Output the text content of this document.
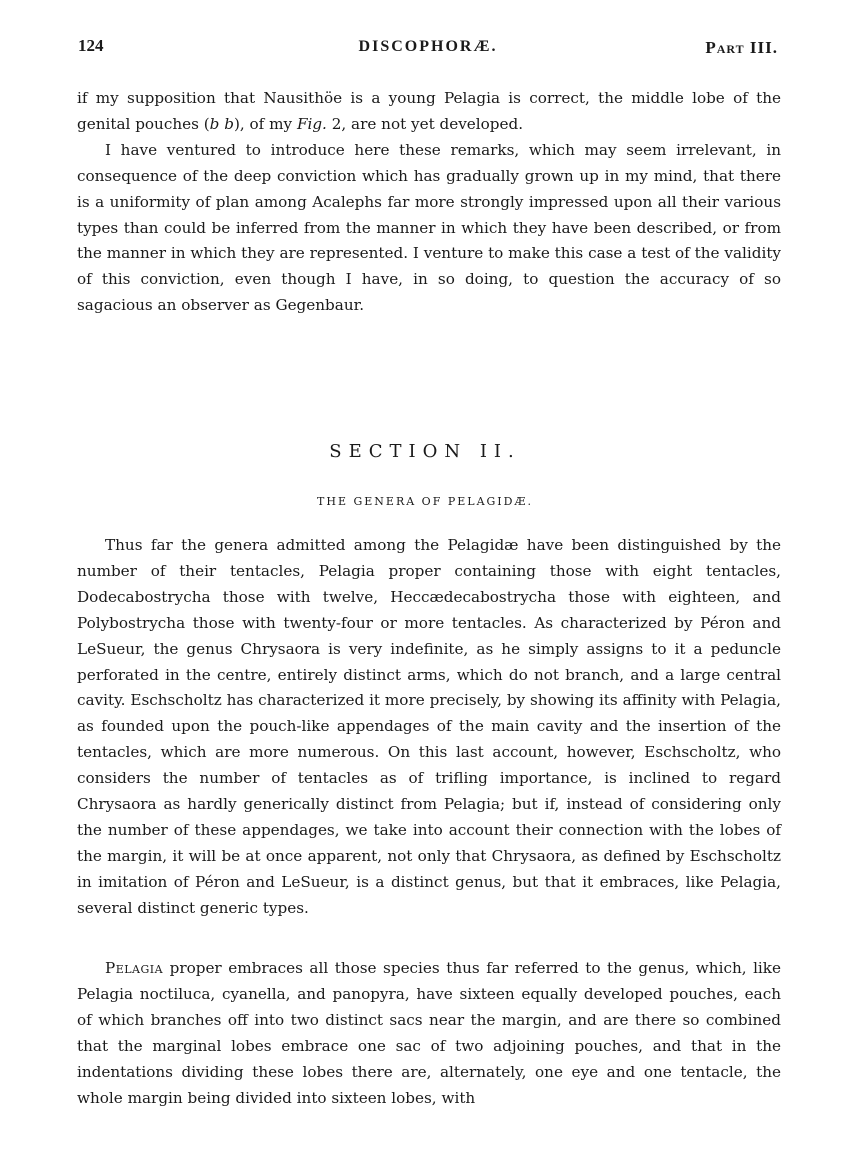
124	DISCOPHORÆ.	Part III.

if my supposition that Nausithöe is a young Pelagia is correct, the middle lobe of the genital pouches (b b), of my Fig. 2, are not yet developed.

I have ventured to introduce here these remarks, which may seem irrelevant, in consequence of the deep conviction which has gradually grown up in my mind, that there is a uniformity of plan among Acalephs far more strongly impressed upon all their various types than could be inferred from the manner in which they have been described, or from the manner in which they are represented. I venture to make this case a test of the validity of this conviction, even though I have, in so doing, to question the accuracy of so sagacious an observer as Gegenbaur.

SECTION II.
THE GENERA OF PELAGIDÆ.

Thus far the genera admitted among the Pelagidæ have been distinguished by the number of their tentacles, Pelagia proper containing those with eight tentacles, Dodecabostrycha those with twelve, Heccædecabostrycha those with eighteen, and Polybostrycha those with twenty-four or more tentacles. As characterized by Péron and LeSueur, the genus Chrysaora is very indefinite, as he simply assigns to it a peduncle perforated in the centre, entirely distinct arms, which do not branch, and a large central cavity. Eschscholtz has characterized it more precisely, by showing its affinity with Pelagia, as founded upon the pouch-like appendages of the main cavity and the insertion of the tentacles, which are more numerous. On this last account, however, Eschscholtz, who considers the number of tentacles as of trifling importance, is inclined to regard Chrysaora as hardly generically distinct from Pelagia; but if, instead of considering only the number of these appendages, we take into account their connection with the lobes of the margin, it will be at once apparent, not only that Chrysaora, as defined by Eschscholtz in imitation of Péron and LeSueur, is a distinct genus, but that it embraces, like Pelagia, several distinct generic types.

Pelagia proper embraces all those species thus far referred to the genus, which, like Pelagia noctiluca, cyanella, and panopyra, have sixteen equally developed pouches, each of which branches off into two distinct sacs near the margin, and are there so combined that the marginal lobes embrace one sac of two adjoining pouches, and that in the indentations dividing these lobes there are, alternately, one eye and one tentacle, the whole margin being divided into sixteen lobes, with
